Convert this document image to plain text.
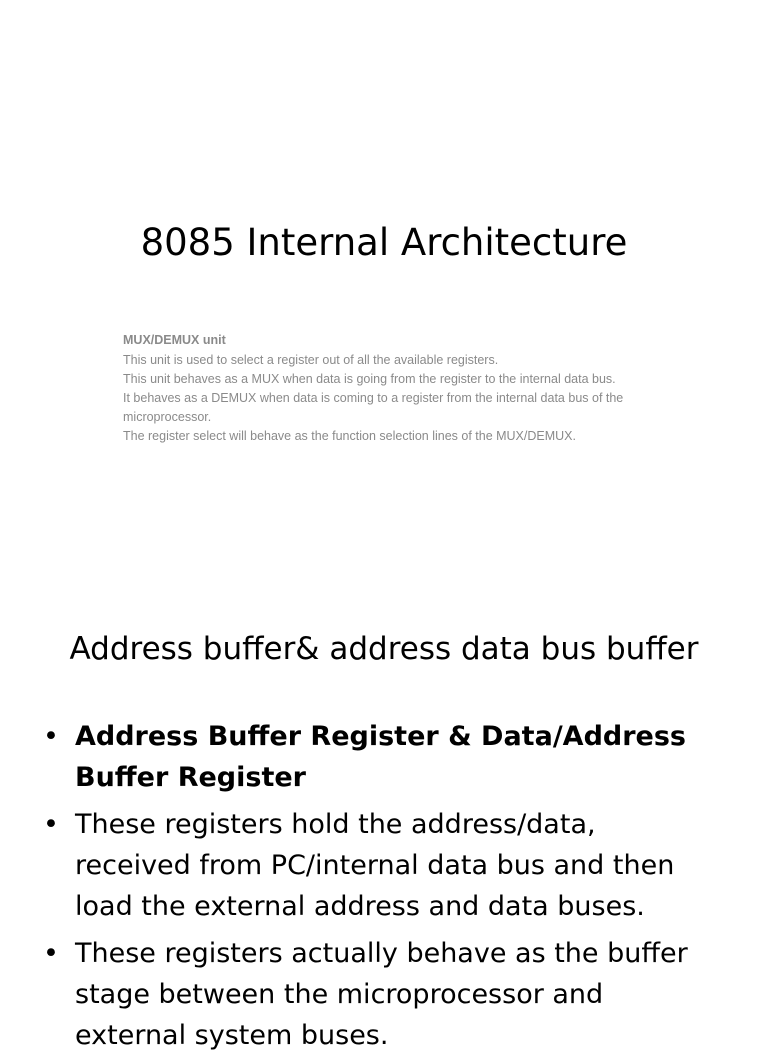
8085 Internal Architecture
MUX/DEMUX unit

This unit is used to select a register out of all the available registers.

This unit behaves as a MUX when data is going from the register to the internal data bus.

It behaves as a DEMUX when data is coming to a register from the internal data bus of the microprocessor.

The register select will behave as the function selection lines of the MUX/DEMUX.

Address buffer& address data bus buffer
• Address Buffer Register & Data/Address Buffer Register
• These registers hold the address/data, received from PC/internal data bus and then load the external address and data buses.
• These registers actually behave as the buffer stage between the microprocessor and external system buses.
